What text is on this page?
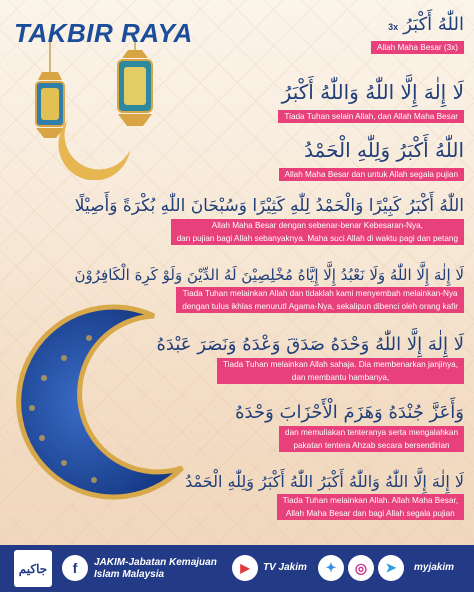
TAKBIR RAYA	3x اللّٰهُ أَكْبَرُ
Allah Maha Besar (3x)
لَا إِلٰهَ إِلَّا اللّٰهُ وَاللّٰهُ أَكْبَرُ
Tiada Tuhan selain Allah, dan Allah Maha Besar
اللّٰهُ أَكْبَرُ وَلِلّٰهِ الْحَمْدُ
Allah Maha Besar dan untuk Allah segala pujian
اللّٰهُ أَكْبَرُ كَبِيْرًا وَالْحَمْدُ لِلّٰهِ كَثِيْرًا وَسُبْحَانَ اللّٰهِ بُكْرَةً وَأَصِيْلًا
Allah Maha Besar dengan sebenar-benar Kebesaran-Nya,
dan pujian bagi Allah sebanyaknya. Maha suci Allah di waktu pagi dan petang
لَا إِلٰهَ إِلَّا اللّٰهُ وَلَا نَعْبُدُ إِلَّا إِيَّاهُ مُخْلِصِيْنَ لَهُ الدِّيْنَ وَلَوْ كَرِهَ الْكَافِرُوْنَ
Tiada Tuhan melainkan Allah dan tidaklah kami menyembah melainkan-Nya
dengan tulus ikhlas menurutI Agama-Nya, sekalipun dibenci oleh orang kafir
لَا إِلٰهَ إِلَّا اللّٰهُ وَحْدَهُ صَدَقَ وَعْدَهُ وَنَصَرَ عَبْدَهُ
Tiada Tuhan melainkan Allah sahaja. Dia membenarkan janjinya,
dan membantu hambanya,
وَأَعَزَّ جُنْدَهُ وَهَزَمَ الْأَحْزَابَ وَحْدَهُ
dan memuliakan tenteranya serta mengalahkan
pakatan tentera Ahzab secara bersendirian
لَا إِلٰهَ إِلَّا اللّٰهُ وَاللّٰهُ أَكْبَرُ اللّٰهُ أَكْبَرُ وَلِلّٰهِ الْحَمْدُ
Tiada Tuhan melainkan Allah. Allah Maha Besar,
Allah Maha Besar dan bagi Allah segala pujian
جاكيم	f	JAKIM-Jabatan Kemajuan
Islam Malaysia	▶	TV Jakim	✦	◎	➤	myjakim
